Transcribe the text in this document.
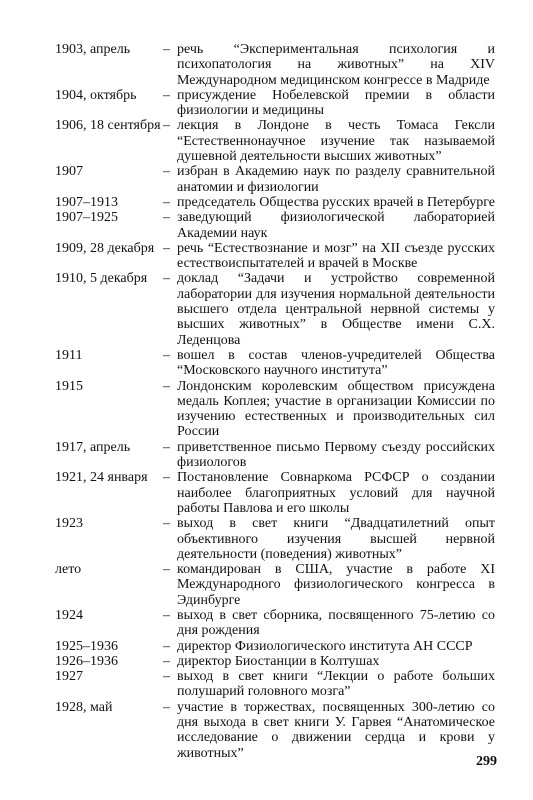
1903, апрель	– речь “Экспериментальная психология и психопатология на животных” на XIV Международном медицинском конгрессе в Мадриде
1904, октябрь	– присуждение Нобелевской премии в области физиологии и медицины
1906, 18 сентября – лекция в Лондоне в честь Томаса Гексли “Естественнонаучное изучение так называемой душевной деятельности высших животных”
1907	– избран в Академию наук по разделу сравнительной анатомии и физиологии
1907–1913	– председатель Общества русских врачей в Петербурге
1907–1925	– заведующий физиологической лабораторией Академии наук
1909, 28 декабря – речь “Естествознание и мозг” на XII съезде русских естествоиспытателей и врачей в Москве
1910, 5 декабря	– доклад “Задачи и устройство современной лаборатории для изучения нормальной деятельности высшего отдела центральной нервной системы у высших животных” в Обществе имени С.Х. Леденцова
1911	– вошел в состав членов-учредителей Общества “Московского научного института”
1915	– Лондонским королевским обществом присуждена медаль Коплея; участие в организации Комиссии по изучению естественных и производительных сил России
1917, апрель	– приветственное письмо Первому съезду российских физиологов
1921, 24 января	– Постановление Совнаркома РСФСР о создании наиболее благоприятных условий для научной работы Павлова и его школы
1923	– выход в свет книги “Двадцатилетний опыт объективного изучения высшей нервной деятельности (поведения) животных”
лето	– командирован в США, участие в работе XI Международного физиологического конгресса в Эдинбурге
1924	– выход в свет сборника, посвященного 75-летию со дня рождения
1925–1936	– директор Физиологического института АН СССР
1926–1936	– директор Биостанции в Колтушах
1927	– выход в свет книги “Лекции о работе больших полушарий головного мозга”
1928, май	– участие в торжествах, посвященных 300-летию со дня выхода в свет книги У. Гарвея “Анатомическое исследование о движении сердца и крови у животных”
299
